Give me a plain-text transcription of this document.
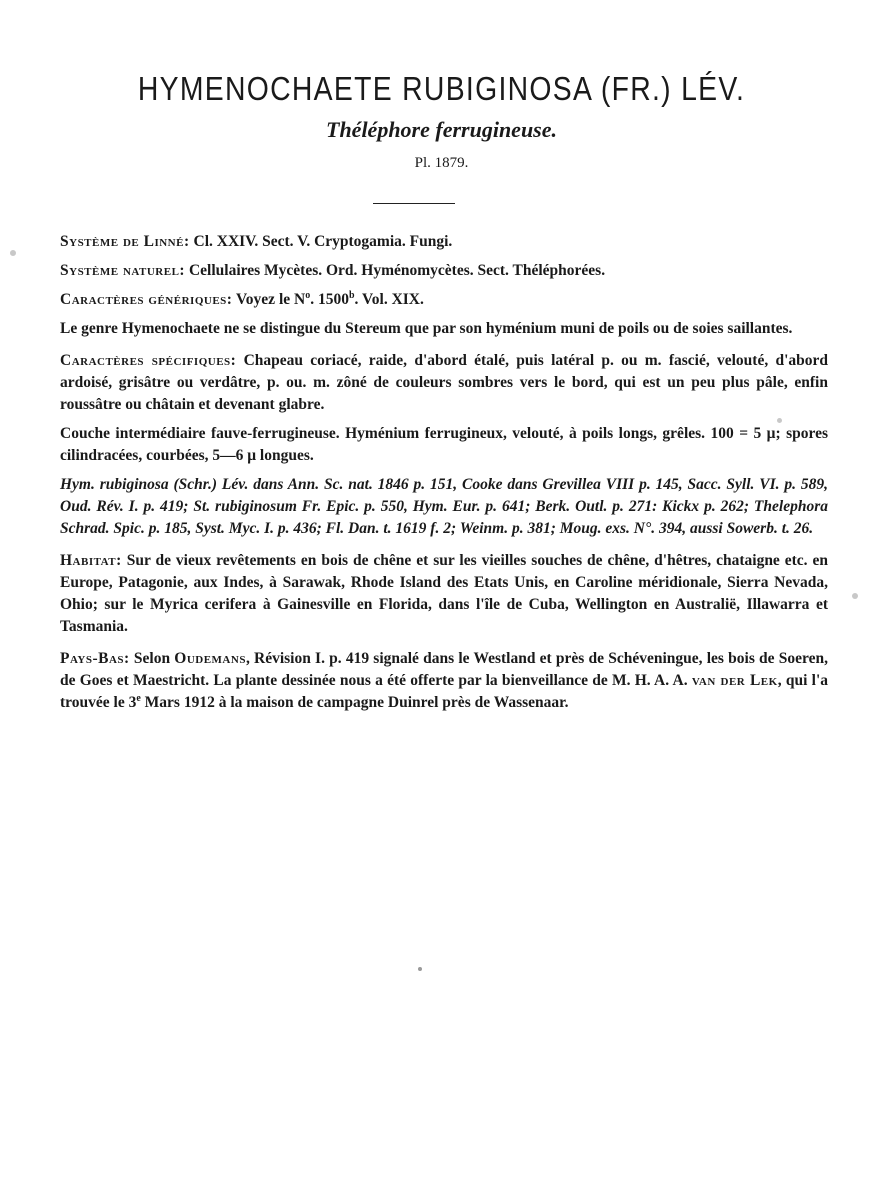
HYMENOCHAETE RUBIGINOSA (FR.) LÉV.
Théléphore ferrugineuse.
Pl. 1879.

Système de Linné: Cl. XXIV. Sect. V. Cryptogamia. Fungi.

Système naturel: Cellulaires Mycètes. Ord. Hyménomycètes. Sect. Théléphorées.

Caractères génériques: Voyez le $N^o$. 1500$^b$. Vol. XIX.

Le genre Hymenochaete ne se distingue du Stereum que par son hyménium muni de poils ou de soies saillantes.

Caractères spécifiques: Chapeau coriacé, raide, d'abord étalé, puis latéral p. ou m. fascié, velouté, d'abord ardoisé, grisâtre ou verdâtre, p. ou. m. zôné de couleurs sombres vers le bord, qui est un peu plus pâle, enfin roussâtre ou châtain et devenant glabre.

Couche intermédiaire fauve-ferrugineuse. Hyménium ferrugineux, velouté, à poils longs, grêles. 100 = 5 μ; spores cilindracées, courbées, 5—6 μ longues.

Hym. rubiginosa (Schr.) Lév. dans Ann. Sc. nat. 1846 p. 151, Cooke dans Grevillea VIII p. 145, Sacc. Syll. VI. p. 589, Oud. Rév. I. p. 419; St. rubiginosum Fr. Epic. p. 550, Hym. Eur. p. 641; Berk. Outl. p. 271: Kickx p. 262; Thelephora Schrad. Spic. p. 185, Syst. Myc. I. p. 436; Fl. Dan. t. 1619 f. 2; Weinm. p. 381; Moug. exs. N°. 394, aussi Sowerb. t. 26.

Habitat: Sur de vieux revêtements en bois de chêne et sur les vieilles souches de chêne, d'hêtres, chataigne etc. en Europe, Patagonie, aux Indes, à Sarawak, Rhode Island des Etats Unis, en Caroline méridionale, Sierra Nevada, Ohio; sur le Myrica cerifera à Gainesville en Florida, dans l'île de Cuba, Wellington en Australië, Illawarra et Tasmania.

Pays-Bas: Selon Oudemans, Révision I. p. 419 signalé dans le Westland et près de Schéveningue, les bois de Soeren, de Goes et Maestricht. La plante dessinée nous a été offerte par la bienveillance de M. H. A. A. van der Lek, qui l'a trouvée le 3e Mars 1912 à la maison de campagne Duinrel près de Wassenaar.
